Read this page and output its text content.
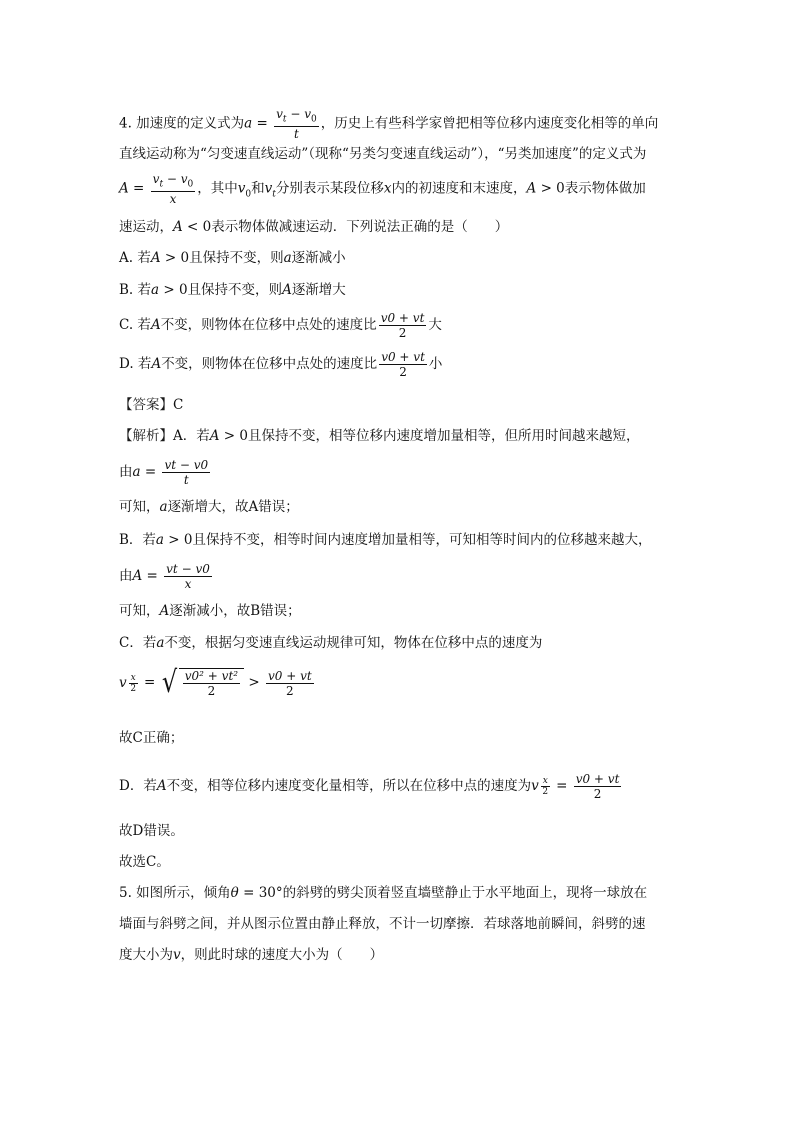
4. 加速度的定义式为$a = \frac{v_t - v_0}{t}$ ，历史上有些科学家曾把相等位移内速度变化相等的单向
直线运动称为“匀变速直线运动”（现称“另类匀变速直线运动”），“另类加速度”的定义式为
$A = \frac{v_t - v_0}{x}$ ，其中$v_0$和$v_t$分别表示某段位移x内的初速度和末速度，A > 0表示物体做加
速运动，A < 0表示物体做减速运动．下列说法正确的是（　　）
A. 若A > 0且保持不变，则a逐渐减小
B. 若a > 0且保持不变，则A逐渐增大
C. 若A不变，则物体在位移中点处的速度比 $\frac{v0 + vt}{2}$ 大
D. 若A不变，则物体在位移中点处的速度比 $\frac{v0 + vt}{2}$ 小
【答案】C
【解析】A．若A > 0且保持不变，相等位移内速度增加量相等，但所用时间越来越短，
由$a = \frac{vt - v0}{t}$
可知，a逐渐增大，故A错误；
B．若a > 0且保持不变，相等时间内速度增加量相等，可知相等时间内的位移越来越大，
由$A = \frac{vt - v0}{x}$
可知，A逐渐减小，故B错误；
C．若a不变，根据匀变速直线运动规律可知，物体在位移中点的速度为
v $\frac{x}{2}$ = √ $\frac{\text{v0² + vt²}}{2} > \frac{v0 + vt}{2}$
故C正确；
D．若A不变，相等位移内速度变化量相等，所以在位移中点的速度为v $\frac{x}{2} = \frac{v0 + vt}{2}$
故D错误。
故选C。
5. 如图所示，倾角θ = 30°的斜劈的劈尖顶着竖直墙壁静止于水平地面上，现将一球放在
墙面与斜劈之间，并从图示位置由静止释放，不计一切摩擦．若球落地前瞬间，斜劈的速
度大小为v，则此时球的速度大小为（　　）
